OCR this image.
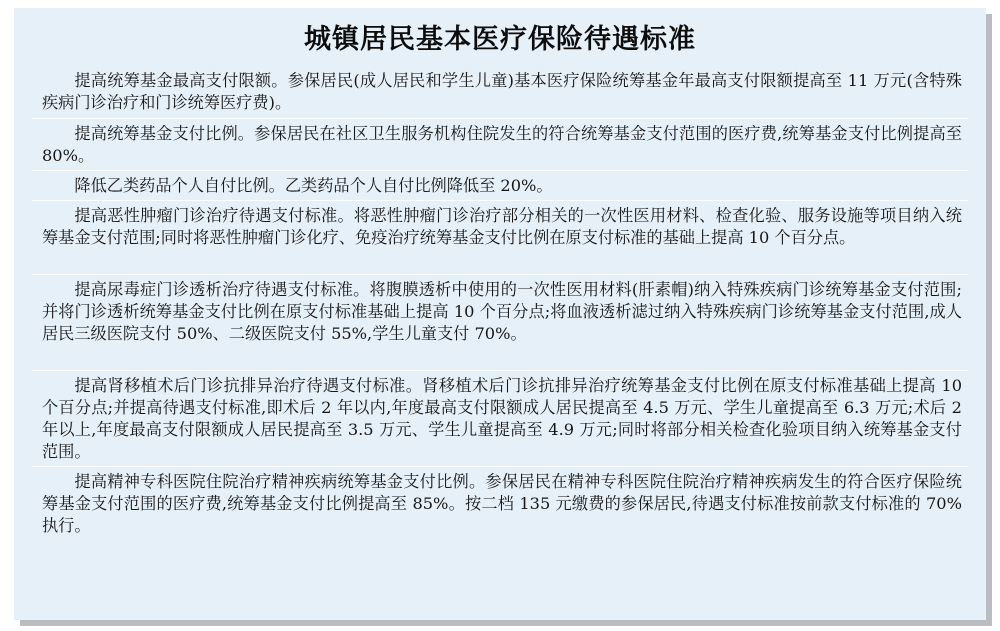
城镇居民基本医疗保险待遇标准
提高统筹基金最高支付限额。参保居民(成人居民和学生儿童)基本医疗保险统筹基金年最高支付限额提高至 11 万元(含特殊疾病门诊治疗和门诊统筹医疗费)。
提高统筹基金支付比例。参保居民在社区卫生服务机构住院发生的符合统筹基金支付范围的医疗费,统筹基金支付比例提高至 80%。
降低乙类药品个人自付比例。乙类药品个人自付比例降低至 20%。
提高恶性肿瘤门诊治疗待遇支付标准。将恶性肿瘤门诊治疗部分相关的一次性医用材料、检查化验、服务设施等项目纳入统筹基金支付范围;同时将恶性肿瘤门诊化疗、免疫治疗统筹基金支付比例在原支付标准的基础上提高 10 个百分点。
提高尿毒症门诊透析治疗待遇支付标准。将腹膜透析中使用的一次性医用材料(肝素帽)纳入特殊疾病门诊统筹基金支付范围;并将门诊透析统筹基金支付比例在原支付标准基础上提高 10 个百分点;将血液透析滤过纳入特殊疾病门诊统筹基金支付范围,成人居民三级医院支付 50%、二级医院支付 55%,学生儿童支付 70%。
提高肾移植术后门诊抗排异治疗待遇支付标准。肾移植术后门诊抗排异治疗统筹基金支付比例在原支付标准基础上提高 10 个百分点;并提高待遇支付标准,即术后 2 年以内,年度最高支付限额成人居民提高至 4.5 万元、学生儿童提高至 6.3 万元;术后 2 年以上,年度最高支付限额成人居民提高至 3.5 万元、学生儿童提高至 4.9 万元;同时将部分相关检查化验项目纳入统筹基金支付范围。
提高精神专科医院住院治疗精神疾病统筹基金支付比例。参保居民在精神专科医院住院治疗精神疾病发生的符合医疗保险统筹基金支付范围的医疗费,统筹基金支付比例提高至 85%。按二档 135 元缴费的参保居民,待遇支付标准按前款支付标准的 70%执行。
